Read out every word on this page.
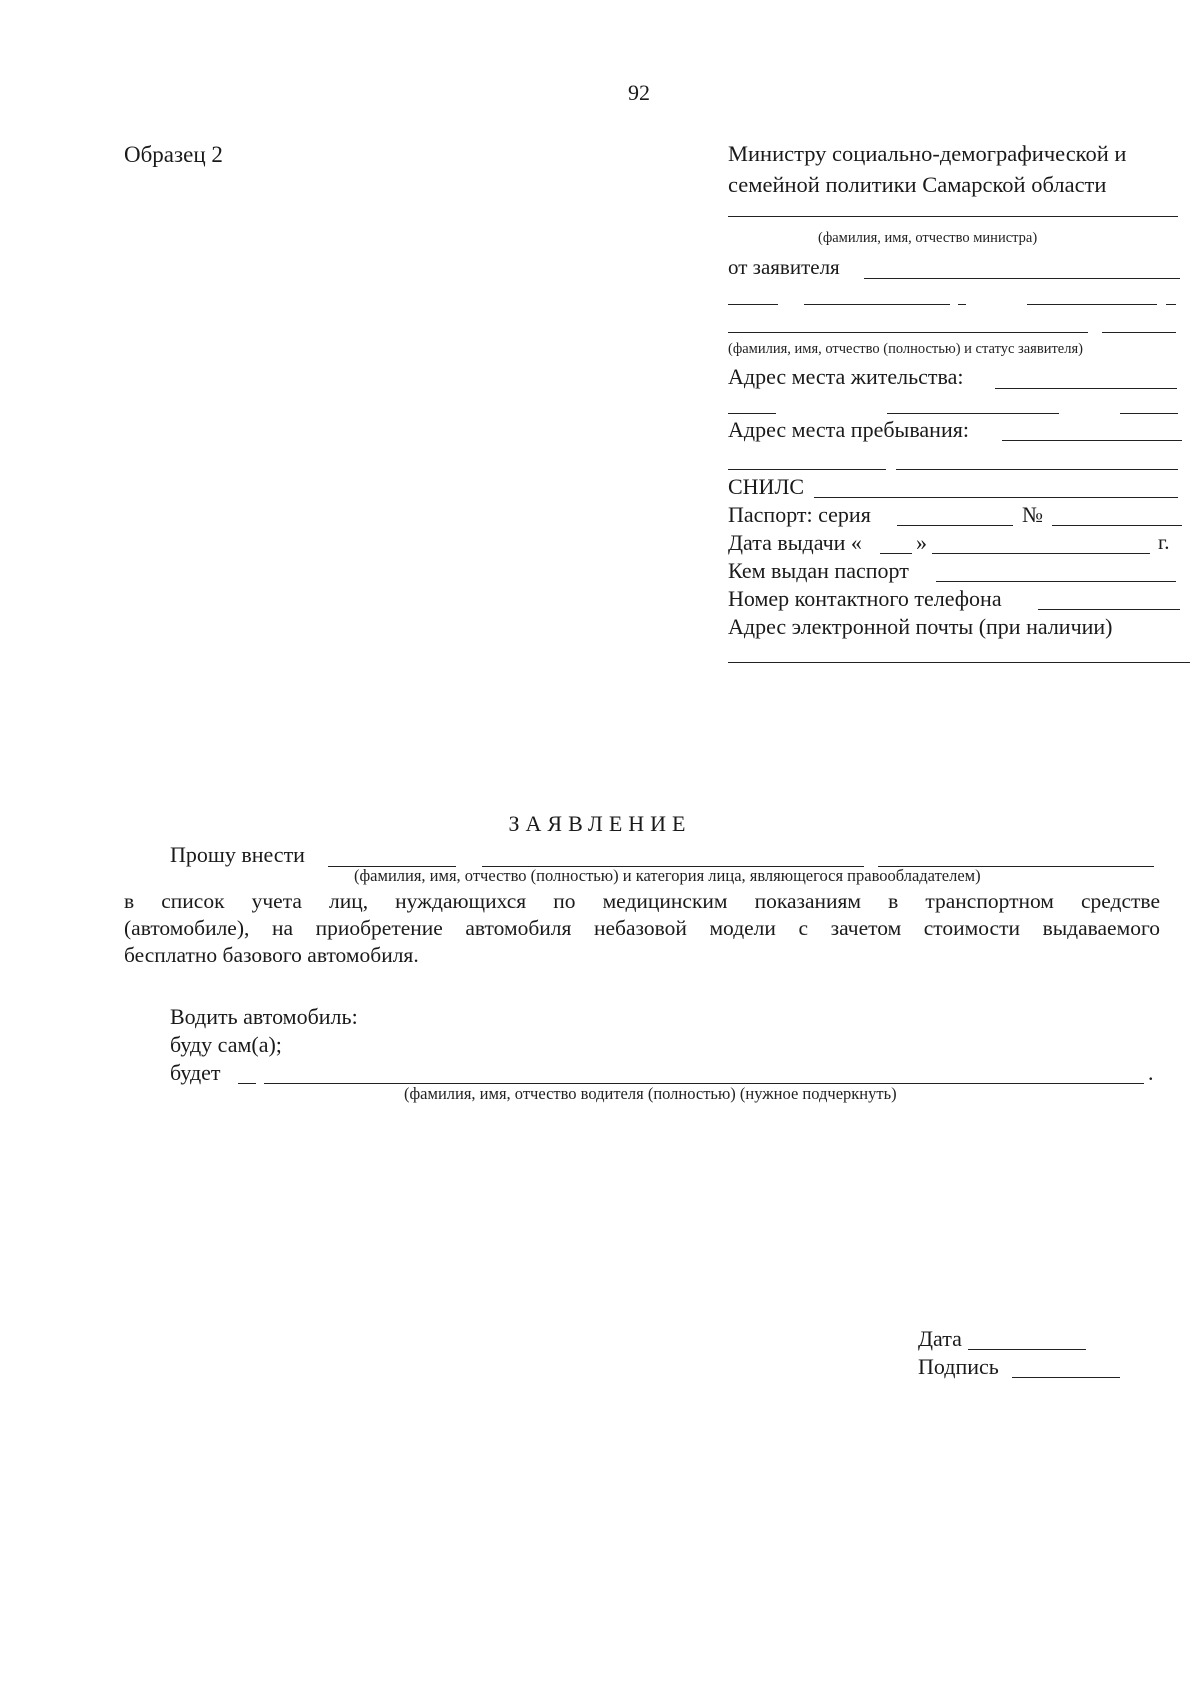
92
Образец 2	Министру социально-демографической и
семейной политики Самарской области
(фамилия, имя, отчество министра)
от заявителя
(фамилия, имя, отчество (полностью) и статус заявителя)
Адрес места жительства:
Адрес места пребывания:
СНИЛС
Паспорт: серия	№
Дата выдачи « »	г.
Кем выдан паспорт
Номер контактного телефона
Адрес электронной почты (при наличии)
ЗАЯВЛЕНИЕ
Прошу внести
(фамилия, имя, отчество (полностью) и категория лица, являющегося правообладателем)
в список учета лиц, нуждающихся по медицинским показаниям в транспортном средстве
(автомобиле), на приобретение автомобиля небазовой модели с зачетом стоимости выдаваемого
бесплатно базового автомобиля.
Водить автомобиль:
буду сам(а);
будет	.
(фамилия, имя, отчество водителя (полностью) (нужное подчеркнуть)
Дата
Подпись
